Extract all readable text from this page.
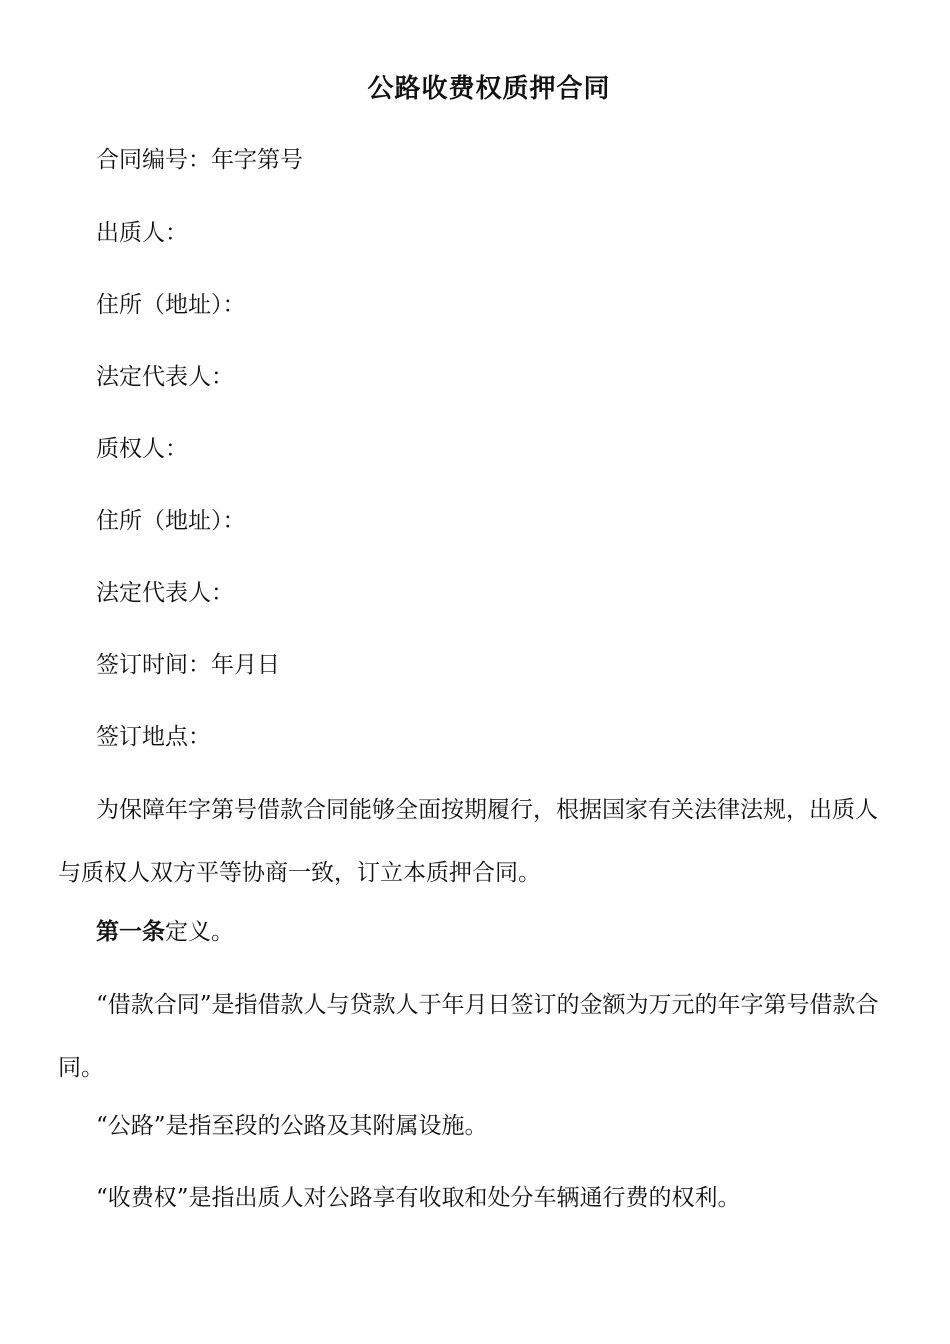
公路收费权质押合同
合同编号：年字第号
出质人：
住所（地址）：
法定代表人：
质权人：
住所（地址）：
法定代表人：
签订时间：年月日
签订地点：
为保障年字第号借款合同能够全面按期履行，根据国家有关法律法规，出质人与质权人双方平等协商一致，订立本质押合同。
第一条定义。
“借款合同”是指借款人与贷款人于年月日签订的金额为万元的年字第号借款合同。
“公路”是指至段的公路及其附属设施。
“收费权”是指出质人对公路享有收取和处分车辆通行费的权利。
